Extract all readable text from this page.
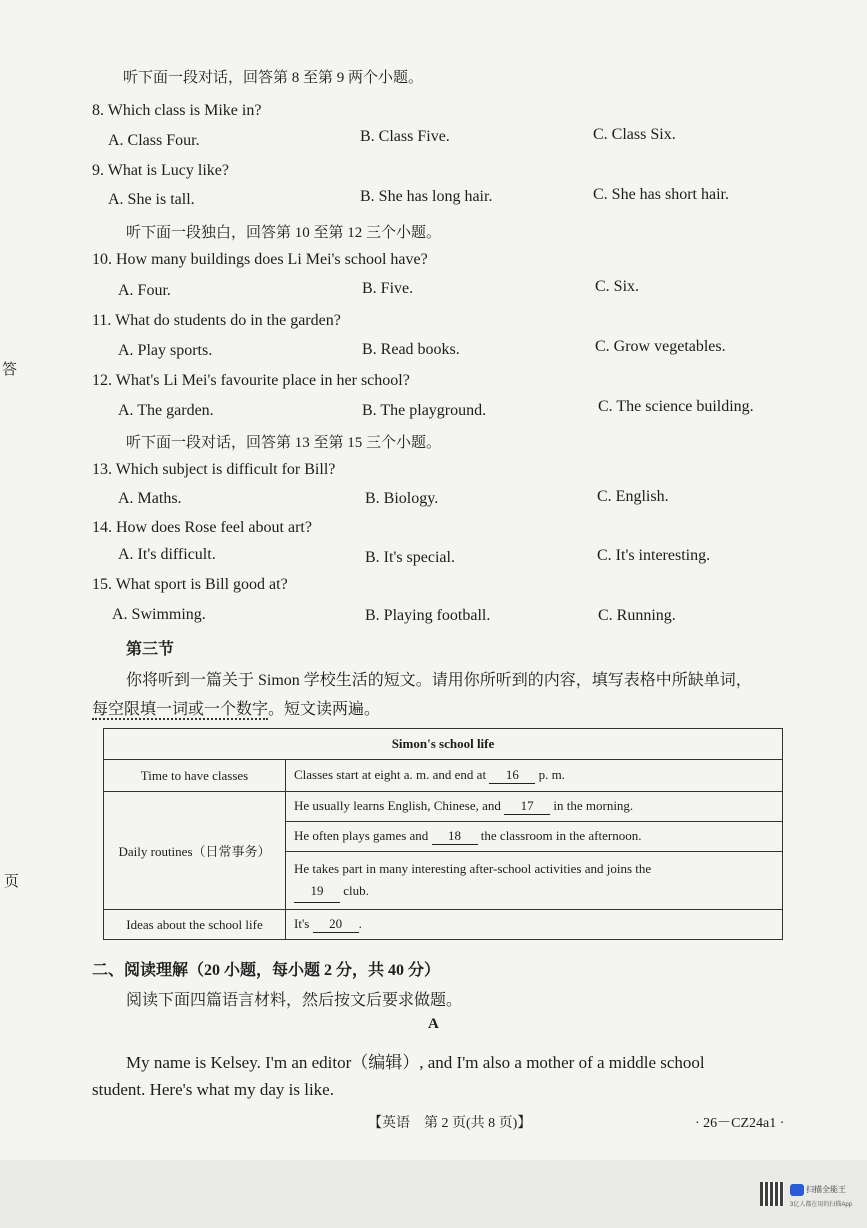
答
页
听下面一段对话，回答第 8 至第 9 两个小题。
8. Which class is Mike in?
A. Class Four.	B. Class Five.	C. Class Six.
9. What is Lucy like?
A. She is tall.	B. She has long hair.	C. She has short hair.
听下面一段独白，回答第 10 至第 12 三个小题。
10. How many buildings does Li Mei's school have?
A. Four.	B. Five.	C. Six.
11. What do students do in the garden?
A. Play sports.	B. Read books.	C. Grow vegetables.
12. What's Li Mei's favourite place in her school?
A. The garden.	B. The playground.	C. The science building.
听下面一段对话，回答第 13 至第 15 三个小题。
13. Which subject is difficult for Bill?
A. Maths.	B. Biology.	C. English.
14. How does Rose feel about art?
A. It's difficult.	B. It's special.	C. It's interesting.
15. What sport is Bill good at?
A. Swimming.	B. Playing football.	C. Running.
第三节
你将听到一篇关于 Simon 学校生活的短文。请用你所听到的内容，填写表格中所缺单词，
每空限填一词或一个数字。短文读两遍。
Simon's school life	
Time to have classes	Classes start at eight a. m. and end at 16 p. m.
Daily routines（日常事务）	He usually learns English, Chinese, and 17 in the morning.
	He often plays games and 18 the classroom in the afternoon.
	He takes part in many interesting after-school activities and joins the
19 club.
Ideas about the school life	It's 20 .
二、阅读理解（20 小题，每小题 2 分，共 40 分）
阅读下面四篇语言材料，然后按文后要求做题。
A
My name is Kelsey. I'm an editor（编辑）, and I'm also a mother of a middle school
student. Here's what my day is like.
【英语　第 2 页(共 8 页)】	· 26－CZ24a1 ·
扫描全能王
3亿人都在用的扫描App
